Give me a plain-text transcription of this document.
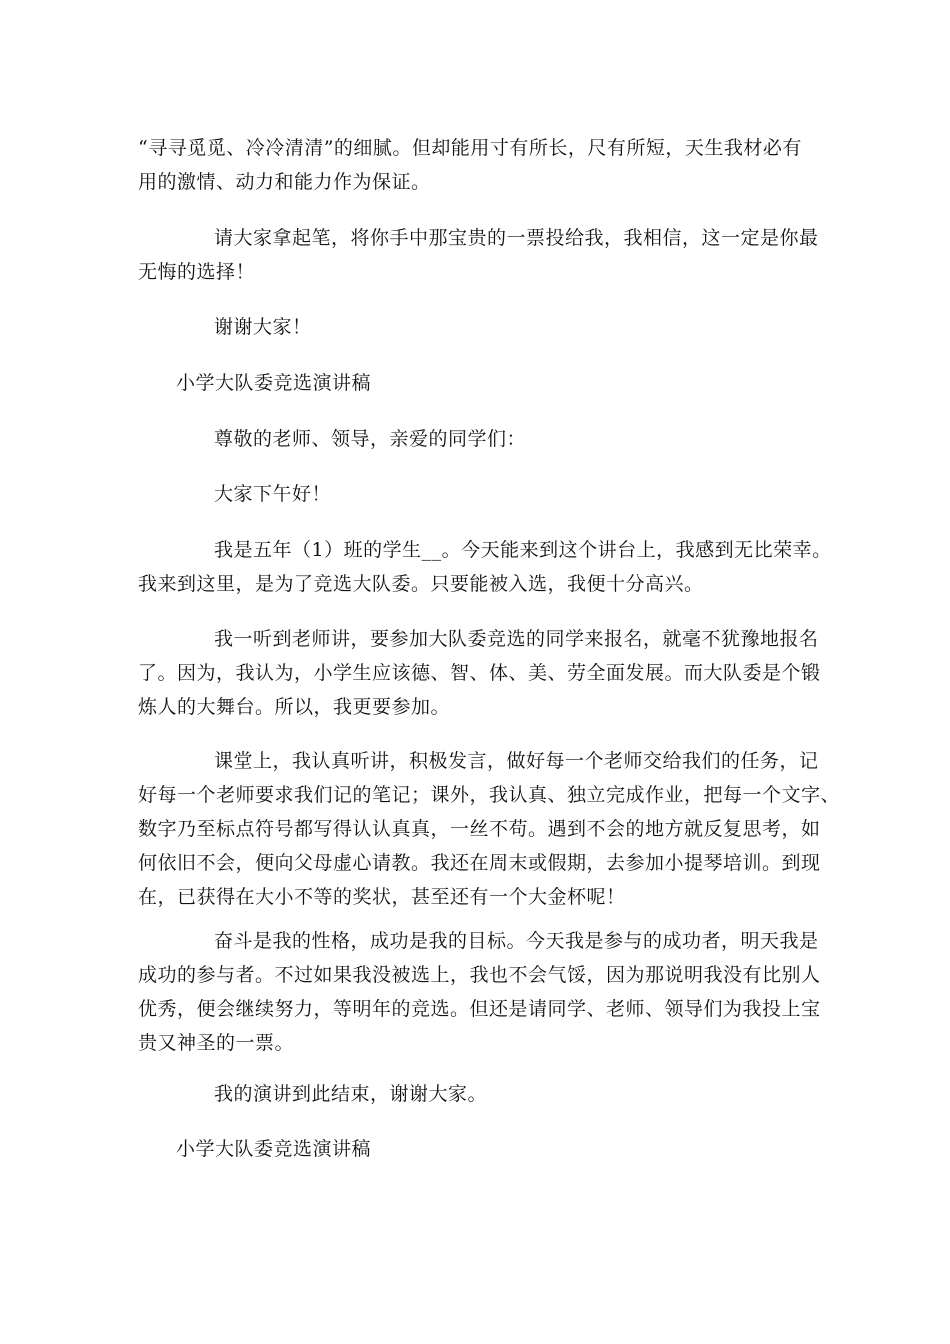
“寻寻觅觅、冷冷清清”的细腻。但却能用寸有所长，尺有所短，天生我材必有
用的激情、动力和能力作为保证。
请大家拿起笔，将你手中那宝贵的一票投给我，我相信，这一定是你最
无悔的选择！
谢谢大家！
小学大队委竞选演讲稿
尊敬的老师、领导，亲爱的同学们：
大家下午好！
我是五年（1）班的学生__。今天能来到这个讲台上，我感到无比荣幸。
我来到这里，是为了竞选大队委。只要能被入选，我便十分高兴。
我一听到老师讲，要参加大队委竞选的同学来报名，就毫不犹豫地报名
了。因为，我认为，小学生应该德、智、体、美、劳全面发展。而大队委是个锻
炼人的大舞台。所以，我更要参加。
课堂上，我认真听讲，积极发言，做好每一个老师交给我们的任务，记
好每一个老师要求我们记的笔记；课外，我认真、独立完成作业，把每一个文字、
数字乃至标点符号都写得认认真真，一丝不苟。遇到不会的地方就反复思考，如
何依旧不会，便向父母虚心请教。我还在周末或假期，去参加小提琴培训。到现
在，已获得在大小不等的奖状，甚至还有一个大金杯呢！
奋斗是我的性格，成功是我的目标。今天我是参与的成功者，明天我是
成功的参与者。不过如果我没被选上，我也不会气馁，因为那说明我没有比别人
优秀，便会继续努力，等明年的竞选。但还是请同学、老师、领导们为我投上宝
贵又神圣的一票。
我的演讲到此结束，谢谢大家。
小学大队委竞选演讲稿
